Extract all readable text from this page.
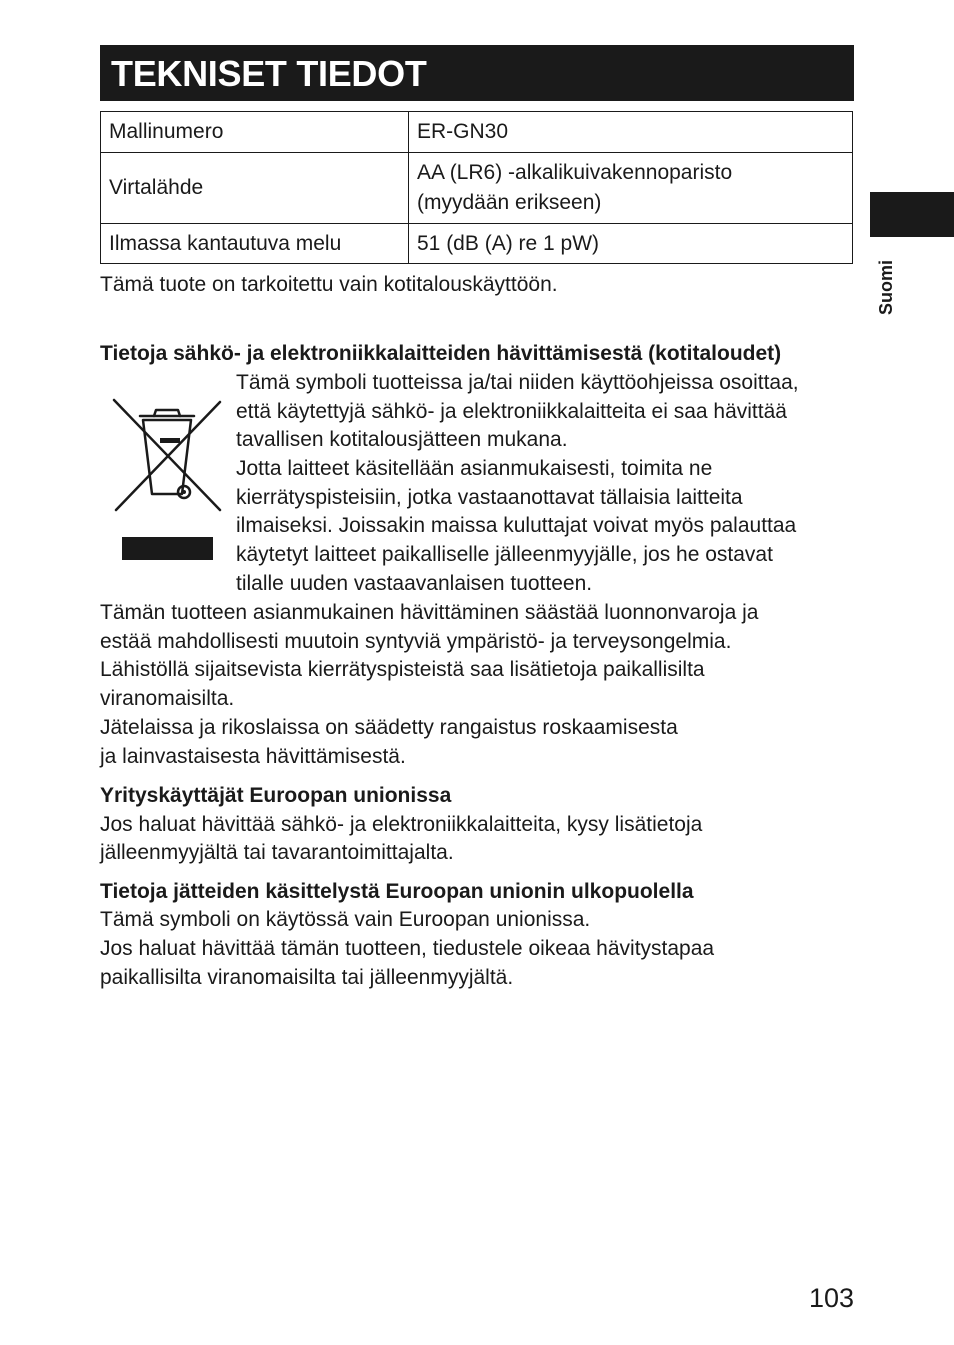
TEKNISET TIEDOT
Mallinumero	ER-GN30
Virtalähde	AA (LR6) -alkalikuivakennoparisto
(myydään erikseen)

Ilmassa kantautuva melu	51 (dB (A) re 1 pW)
Suomi

Tämä tuote on tarkoitettu vain kotitalouskäyttöön.

Tietoja sähkö- ja elektroniikkalaitteiden hävittämisestä (kotitaloudet)

Tämä symboli tuotteissa ja/tai niiden käyttöohjeissa osoittaa,

että käytettyjä sähkö- ja elektroniikkalaitteita ei saa hävittää

tavallisen kotitalousjätteen mukana.

Jotta laitteet käsitellään asianmukaisesti, toimita ne

kierrätyspisteisiin, jotka vastaanottavat tällaisia laitteita

ilmaiseksi. Joissakin maissa kuluttajat voivat myös palauttaa

käytetyt laitteet paikalliselle jälleenmyyjälle, jos he ostavat

tilalle uuden vastaavanlaisen tuotteen.

Tämän tuotteen asianmukainen hävittäminen säästää luonnonvaroja ja

estää mahdollisesti muutoin syntyviä ympäristö- ja terveysongelmia.

Lähistöllä sijaitsevista kierrätyspisteistä saa lisätietoja paikallisilta

viranomaisilta.

Jätelaissa ja rikoslaissa on säädetty rangaistus roskaamisesta

ja lainvastaisesta hävittämisestä.

Yrityskäyttäjät Euroopan unionissa

Jos haluat hävittää sähkö- ja elektroniikkalaitteita, kysy lisätietoja

jälleenmyyjältä tai tavarantoimittajalta.

Tietoja jätteiden käsittelystä Euroopan unionin ulkopuolella

Tämä symboli on käytössä vain Euroopan unionissa.

Jos haluat hävittää tämän tuotteen, tiedustele oikeaa hävitystapaa

paikallisilta viranomaisilta tai jälleenmyyjältä.

103
